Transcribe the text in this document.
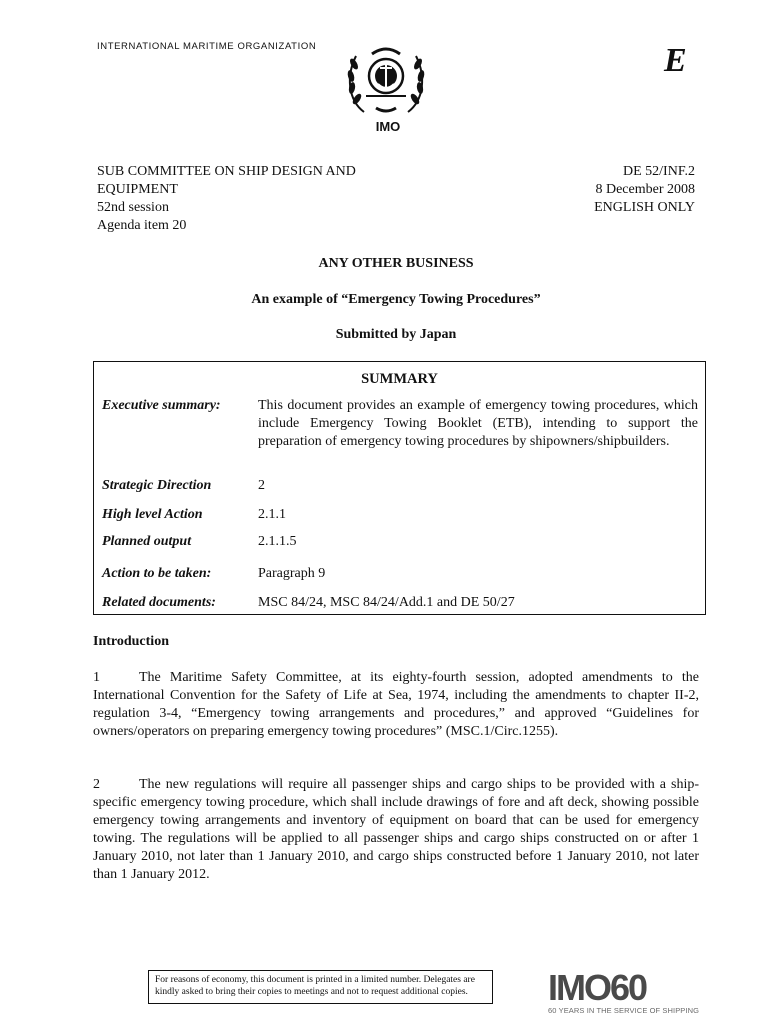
INTERNATIONAL MARITIME ORGANIZATION
IMO
E
SUB COMMITTEE ON SHIP DESIGN AND
EQUIPMENT
52nd session
Agenda item 20
DE 52/INF.2
8 December 2008
ENGLISH ONLY
ANY OTHER BUSINESS
An example of “Emergency Towing Procedures”
Submitted by Japan
SUMMARY
Executive summary:	This document provides an example of emergency towing procedures, which include Emergency Towing Booklet (ETB), intending to support the preparation of emergency towing procedures by shipowners/shipbuilders.
Strategic Direction	2
High level Action	2.1.1
Planned output	2.1.1.5
Action to be taken:	Paragraph 9
Related documents:	MSC 84/24, MSC 84/24/Add.1 and DE 50/27
Introduction
1	The Maritime Safety Committee, at its eighty-fourth session, adopted amendments to the International Convention for the Safety of Life at Sea, 1974, including the amendments to chapter II-2, regulation 3-4, “Emergency towing arrangements and procedures,” and approved “Guidelines for owners/operators on preparing emergency towing procedures” (MSC.1/Circ.1255).
2	The new regulations will require all passenger ships and cargo ships to be provided with a ship-specific emergency towing procedure, which shall include drawings of fore and aft deck, showing possible emergency towing arrangements and inventory of equipment on board that can be used for emergency towing. The regulations will be applied to all passenger ships and cargo ships constructed on or after 1 January 2010, not later than 1 January 2010, and cargo ships constructed before 1 January 2010, not later than 1 January 2012.
For reasons of economy, this document is printed in a limited number. Delegates are kindly asked to bring their copies to meetings and not to request additional copies.	IMO60
60 YEARS IN THE SERVICE OF SHIPPING
